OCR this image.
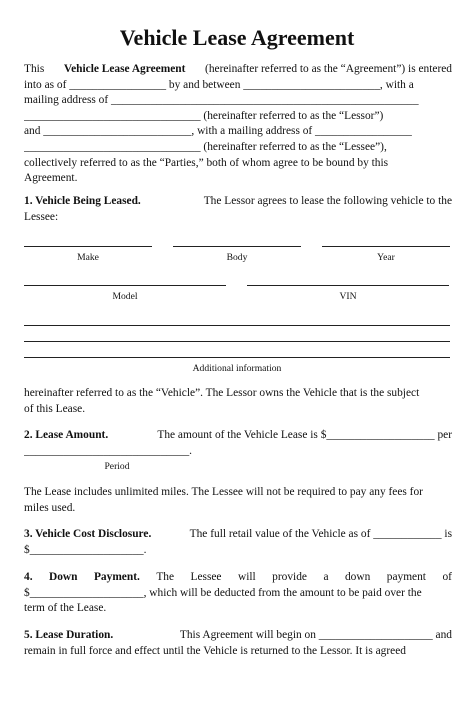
Vehicle Lease Agreement
This Vehicle Lease Agreement (hereinafter referred to as the “Agreement”) is entered
into as of _________________ by and between ________________________, with a
mailing address of ______________________________________________________
_______________________________ (hereinafter referred to as the “Lessor”)
and __________________________, with a mailing address of _________________
_______________________________ (hereinafter referred to as the “Lessee”),
collectively referred to as the “Parties,” both of whom agree to be bound by this
Agreement.
1. Vehicle Being Leased.	The Lessor agrees to lease the following vehicle to the
Lessee:
Make	Body	Year
Model	VIN
Additional information
hereinafter referred to as the “Vehicle”. The Lessor owns the Vehicle that is the subject
of this Lease.
2. Lease Amount.	The amount of the Vehicle Lease is $___________________ per
_____________________________.
Period
The Lease includes unlimited miles. The Lessee will not be required to pay any fees for
miles used.
3. Vehicle Cost Disclosure.	The full retail value of the Vehicle as of ____________ is
$____________________.
4. Down Payment. The Lessee will provide a down payment of
$____________________, which will be deducted from the amount to be paid over the
term of the Lease.
5. Lease Duration.	This Agreement will begin on ____________________ and
remain in full force and effect until the Vehicle is returned to the Lessor. It is agreed
